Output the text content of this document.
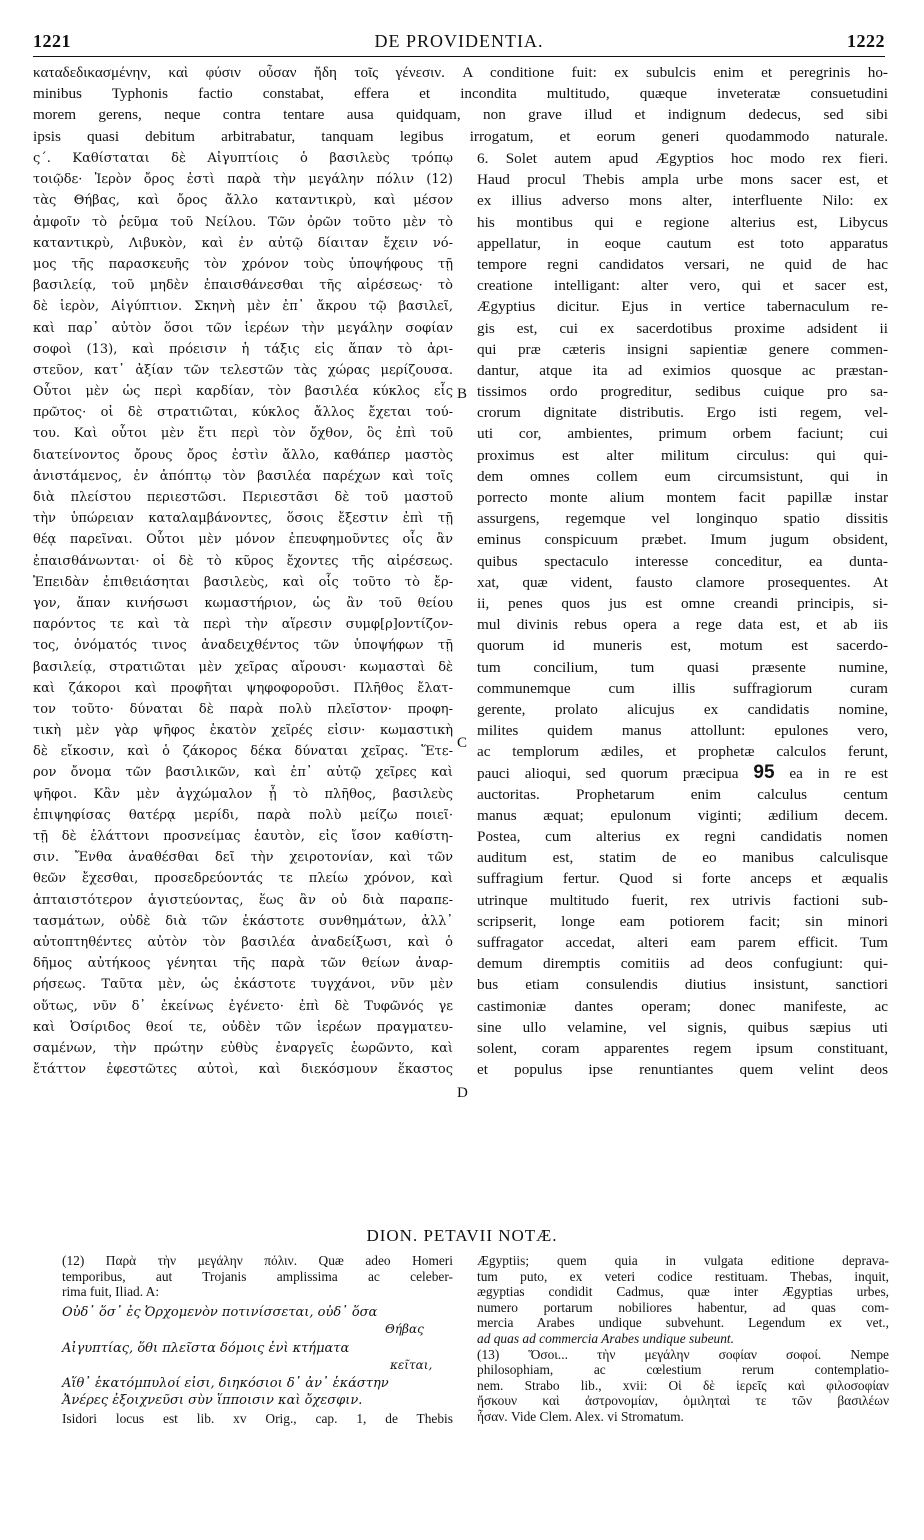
1221	DE PROVIDENTIA.	1222
καταδεδικασμένην, καὶ φύσιν οὖσαν ἤδη τοῖς γένεσιν. A conditione fuit: ex subulcis enim et peregrinis ho-
minibus Typhonis factio constabat, effera et incondita multitudo, quæque inveteratæ consuetudini
morem gerens, neque contra tentare ausa quidquam, non grave illud et indignum dedecus, sed sibi
ipsis quasi debitum arbitrabatur, tanquam legibus irrogatum, et eorum generi quodammodo naturale.
ς΄. Καθίσταται δὲ Αἰγυπτίοις ὁ βασιλεὺς τρόπῳ
τοιῷδε· Ἱερὸν ὄρος ἐστὶ παρὰ τὴν μεγάλην πόλιν (12)
τὰς Θήβας, καὶ ὄρος ἄλλο καταντικρὺ, καὶ μέσον
ἀμφοῖν τὸ ῥεῦμα τοῦ Νείλου. Τῶν ὀρῶν τοῦτο μὲν τὸ
καταντικρὺ, Λιβυκὸν, καὶ ἐν αὐτῷ δίαιταν ἔχειν νό-
μος τῆς παρασκευῆς τὸν χρόνον τοὺς ὑποψήφους τῇ
βασιλείᾳ, τοῦ μηδὲν ἐπαισθάνεσθαι τῆς αἱρέσεως· τὸ
δὲ ἱερὸν, Αἰγύπτιον. Σκηνὴ μὲν ἐπ᾽ ἄκρου τῷ βασιλεῖ,
καὶ παρ᾽ αὐτὸν ὅσοι τῶν ἱερέων τὴν μεγάλην σοφίαν
σοφοὶ (13), καὶ πρόεισιν ἡ τάξις εἰς ἅπαν τὸ ἀρι-
στεῦον, κατ᾽ ἀξίαν τῶν τελεστῶν τὰς χώρας μερίζουσα.
Οὗτοι μὲν ὡς περὶ καρδίαν, τὸν βασιλέα κύκλος εἷς
πρῶτος· οἱ δὲ στρατιῶται, κύκλος ἄλλος ἔχεται τού-
του. Καὶ οὗτοι μὲν ἔτι περὶ τὸν ὄχθον, ὃς ἐπὶ τοῦ
διατείνοντος ὄρους ὄρος ἐστὶν ἄλλο, καθάπερ μαστὸς
ἀνιστάμενος, ἐν ἀπόπτῳ τὸν βασιλέα παρέχων καὶ τοῖς
διὰ πλείστου περιεστῶσι. Περιεστᾶσι δὲ τοῦ μαστοῦ
τὴν ὑπώρειαν καταλαμβάνοντες, ὅσοις ἔξεστιν ἐπὶ τῇ
θέᾳ παρεῖναι. Οὗτοι μὲν μόνον ἐπευφημοῦντες οἷς ἂν
ἐπαισθάνωνται· οἱ δὲ τὸ κῦρος ἔχοντες τῆς αἱρέσεως.
Ἐπειδὰν ἐπιθειάσηται βασιλεὺς, καὶ οἷς τοῦτο τὸ ἔρ-
γον, ἅπαν κινήσωσι κωμαστήριον, ὡς ἂν τοῦ θείου
παρόντος τε καὶ τὰ περὶ τὴν αἵρεσιν συμφ[ρ]οντίζον-
τος, ὀνόματός τινος ἀναδειχθέντος τῶν ὑποψήφων τῇ
βασιλείᾳ, στρατιῶται μὲν χεῖρας αἴρουσι· κωμασταὶ δὲ
καὶ ζάκοροι καὶ προφῆται ψηφοφοροῦσι. Πλῆθος ἔλατ-
τον τοῦτο· δύναται δὲ παρὰ πολὺ πλεῖστον· προφη-
τικὴ μὲν γὰρ ψῆφος ἑκατὸν χεῖρές εἰσιν· κωμαστικὴ
δὲ εἴκοσιν, καὶ ὁ ζάκορος δέκα δύναται χεῖρας. Ἕτε-
ρον ὄνομα τῶν βασιλικῶν, καὶ ἐπ᾽ αὐτῷ χεῖρες καὶ
ψῆφοι. Κἂν μὲν ἀγχώμαλον ᾖ τὸ πλῆθος, βασιλεὺς
ἐπιψηφίσας θατέρᾳ μερίδι, παρὰ πολὺ μείζω ποιεῖ·
τῇ δὲ ἐλάττονι προσνείμας ἑαυτὸν, εἰς ἴσον καθίστη-
σιν. Ἔνθα ἀναθέσθαι δεῖ τὴν χειροτονίαν, καὶ τῶν
θεῶν ἔχεσθαι, προσεδρεύοντάς τε πλείω χρόνον, καὶ
ἀπταιστότερον ἁγιστεύοντας, ἕως ἂν οὐ διὰ παραπε-
τασμάτων, οὐδὲ διὰ τῶν ἑκάστοτε συνθημάτων, ἀλλ᾽
αὐτοπτηθέντες αὐτὸν τὸν βασιλέα ἀναδείξωσι, καὶ ὁ
δῆμος αὐτήκοος γένηται τῆς παρὰ τῶν θείων ἀναρ-
ρήσεως. Ταῦτα μὲν, ὡς ἑκάστοτε τυγχάνοι, νῦν μὲν
οὕτως, νῦν δ᾽ ἐκείνως ἐγένετο· ἐπὶ δὲ Τυφῶνός γε
καὶ Ὀσίριδος θεοί τε, οὐδὲν τῶν ἱερέων πραγματευ-
σαμένων, τὴν πρώτην εὐθὺς ἐναργεῖς ἑωρῶντο, καὶ
ἔτάττον ἐφεστῶτες αὐτοὶ, καὶ διεκόσμουν ἕκαστος
6. Solet autem apud Ægyptios hoc modo rex fieri.
Haud procul Thebis ampla urbe mons sacer est, et
ex illius adverso mons alter, interfluente Nilo: ex
his montibus qui e regione alterius est, Libycus
appellatur, in eoque cautum est toto apparatus
tempore regni candidatos versari, ne quid de hac
creatione intelligant: alter vero, qui et sacer est,
Ægyptius dicitur. Ejus in vertice tabernaculum re-
gis est, cui ex sacerdotibus proxime adsident ii
qui præ cæteris insigni sapientiæ genere commen-
dantur, atque ita ad eximios quosque ac præstan-
tissimos ordo progreditur, sedibus cuique pro sa-
crorum dignitate distributis. Ergo isti regem, vel-
uti cor, ambientes, primum orbem faciunt; cui
proximus est alter militum circulus: qui qui-
dem omnes collem eum circumsistunt, qui in
porrecto monte alium montem facit papillæ instar
assurgens, regemque vel longinquo spatio dissitis
eminus conspicuum præbet. Imum jugum obsident,
quibus spectaculo interesse conceditur, ea dunta-
xat, quæ vident, fausto clamore prosequentes. At
ii, penes quos jus est omne creandi principis, si-
mul divinis rebus opera a rege data est, et ab iis
quorum id muneris est, motum est sacerdo-
tum concilium, tum quasi præsente numine,
communemque cum illis suffragiorum curam
gerente, prolato alicujus ex candidatis nomine,
milites quidem manus attollunt: epulones vero,
ac templorum ædiles, et prophetæ calculos ferunt,
pauci alioqui, sed quorum præcipua 95 ea in re est
auctoritas. Prophetarum enim calculus centum
manus æquat; epulonum viginti; ædilium decem.
Postea, cum alterius ex regni candidatis nomen
auditum est, statim de eo manibus calculisque
suffragium fertur. Quod si forte anceps et æqualis
utrinque multitudo fuerit, rex utrivis factioni sub-
scripserit, longe eam potiorem facit; sin minori
suffragator accedat, alteri eam parem efficit. Tum
demum diremptis comitiis ad deos confugiunt: qui-
bus etiam consulendis diutius insistunt, sanctiori
castimoniæ dantes operam; donec manifeste, ac
sine ullo velamine, vel signis, quibus sæpius uti
solent, coram apparentes regem ipsum constituant,
et populus ipse renuntiantes quem velint deos
B
C
D
DION. PETAVII NOTÆ.
(12) Παρὰ τὴν μεγάλην πόλιν. Quæ adeo Homeri
temporibus, aut Trojanis amplissima ac celeber-
rima fuit, Iliad. A:
Οὐδ᾽ ὅσ᾽ ἐς Ὀρχομενὸν ποτινίσσεται, οὐδ᾽ ὅσα
Θήβας
Αἰγυπτίας, ὅθι πλεῖστα δόμοις ἐνὶ κτήματα
κεῖται,
Αἵθ᾽ ἑκατόμπυλοί εἰσι, διηκόσιοι δ᾽ ἀν᾽ ἑκάστην
Ἀνέρες ἐξοιχνεῦσι σὺν ἵπποισιν καὶ ὄχεσφιν.
Isidori locus est lib. xv Orig., cap. 1, de Thebis
Ægyptiis; quem quia in vulgata editione deprava-
tum puto, ex veteri codice restituam. Thebas, inquit,
ægyptias condidit Cadmus, quæ inter Ægyptias urbes,
numero portarum nobiliores habentur, ad quas com-
mercia Arabes undique subvehunt. Legendum ex vet.,
ad quas ad commercia Arabes undique subeunt.
(13) Ὅσοι... τὴν μεγάλην σοφίαν σοφοί. Nempe
philosophiam, ac cœlestium rerum contemplatio-
nem. Strabo lib., xvii: Οἱ δὲ ἱερεῖς καὶ φιλοσοφίαν
ἤσκουν καὶ ἀστρονομίαν, ὁμιληταὶ τε τῶν βασιλέων
ἦσαν. Vide Clem. Alex. vi Stromatum.
